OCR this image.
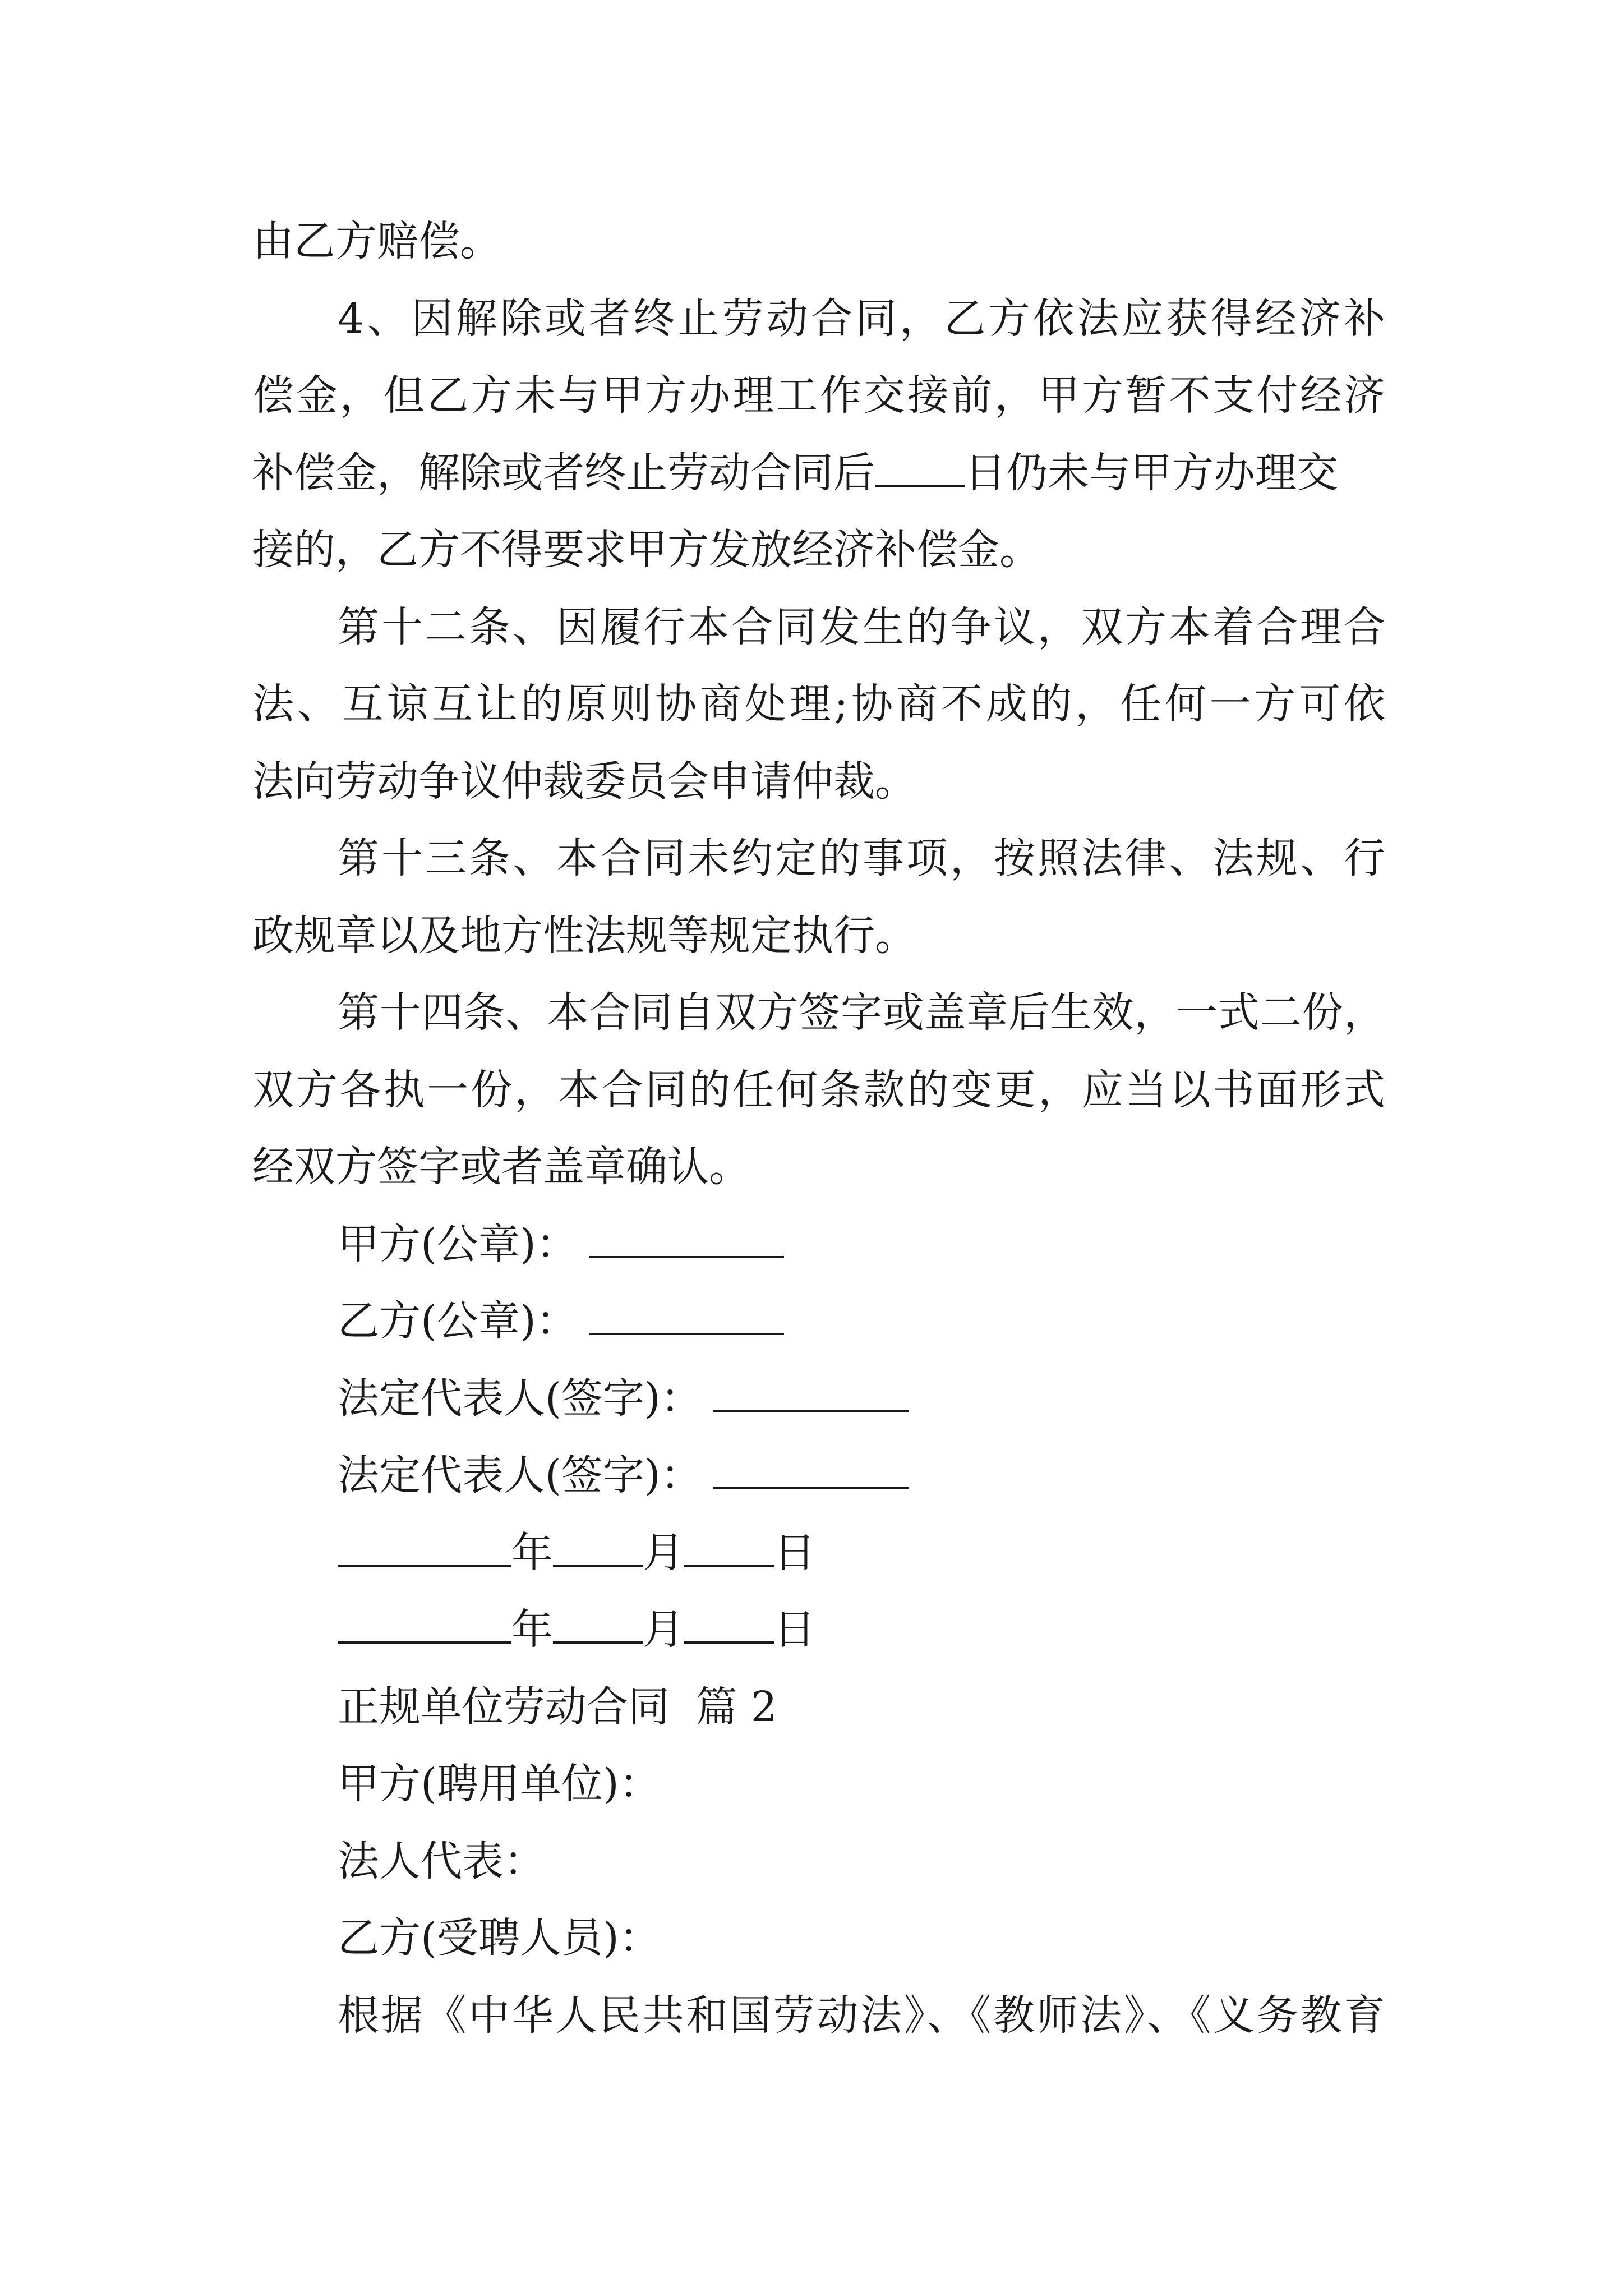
由乙方赔偿。
4、因解除或者终止劳动合同，乙方依法应获得经济补
偿金，但乙方未与甲方办理工作交接前，甲方暂不支付经济
补偿金，解除或者终止劳动合同后 日仍未与甲方办理交
接的，乙方不得要求甲方发放经济补偿金。
第十二条、因履行本合同发生的争议，双方本着合理合
法、互谅互让的原则协商处理;协商不成的，任何一方可依
法向劳动争议仲裁委员会申请仲裁。
第十三条、本合同未约定的事项，按照法律、法规、行
政规章以及地方性法规等规定执行。
第十四条、本合同自双方签字或盖章后生效，一式二份，
双方各执一份，本合同的任何条款的变更，应当以书面形式
经双方签字或者盖章确认。
甲方(公章)：
乙方(公章)：
法定代表人(签字)：
法定代表人(签字)：
年 月 日
年 月 日
正规单位劳动合同  篇 2
甲方(聘用单位)：
法人代表：
乙方(受聘人员)：
根据《中华人民共和国劳动法》、《教师法》、《义务教育
